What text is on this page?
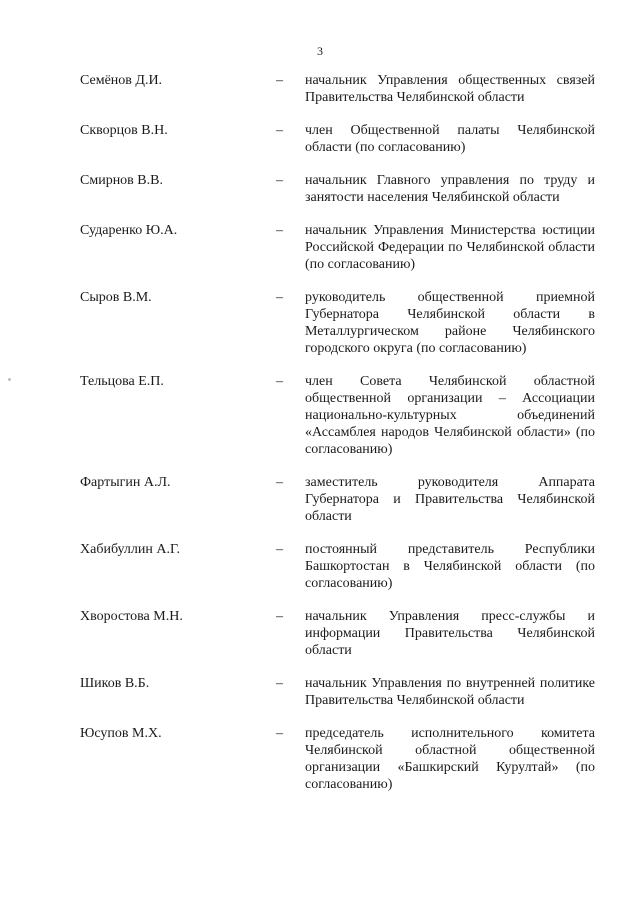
3
Семёнов Д.И.	– начальник Управления общественных связей Правительства Челябинской области
Скворцов В.Н.	– член Общественной палаты Челябинской области (по согласованию)
Смирнов В.В.	– начальник Главного управления по труду и занятости населения Челябинской области
Сударенко Ю.А.	– начальник Управления Министерства юстиции Российской Федерации по Челябинской области (по согласованию)
Сыров В.М.	– руководитель общественной приемной Губернатора Челябинской области в Металлургическом районе Челябинского городского округа (по согласованию)
Тельцова Е.П.	– член Совета Челябинской областной общественной организации – Ассоциации национально-культурных объединений «Ассамблея народов Челябинской области» (по согласованию)
Фартыгин А.Л.	– заместитель руководителя Аппарата Губернатора и Правительства Челябинской области
Хабибуллин А.Г.	– постоянный представитель Республики Башкортостан в Челябинской области (по согласованию)
Хворостова М.Н.	– начальник Управления пресс-службы и информации Правительства Челябинской области
Шиков В.Б.	– начальник Управления по внутренней политике Правительства Челябинской области
Юсупов М.Х.	– председатель исполнительного комитета Челябинской областной общественной организации «Башкирский Курултай» (по согласованию)
